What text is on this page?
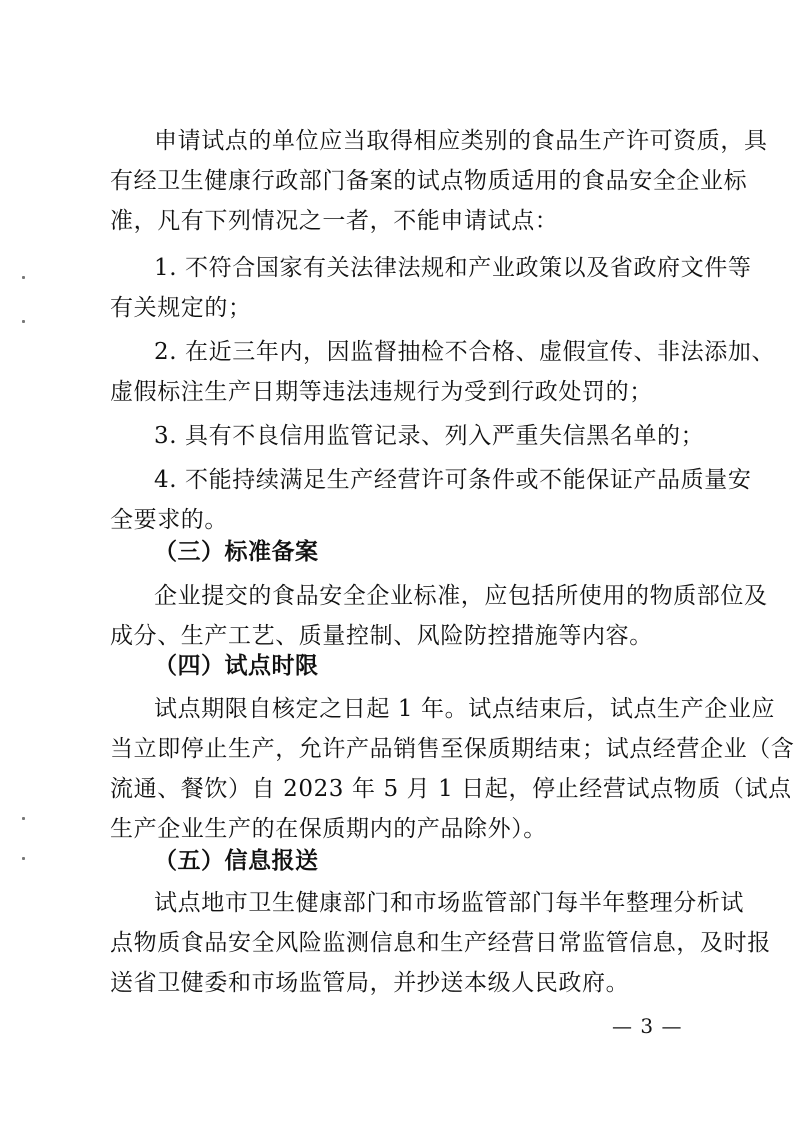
申请试点的单位应当取得相应类别的食品生产许可资质，具
有经卫生健康行政部门备案的试点物质适用的食品安全企业标
准，凡有下列情况之一者，不能申请试点：
1. 不符合国家有关法律法规和产业政策以及省政府文件等
有关规定的；
2. 在近三年内，因监督抽检不合格、虚假宣传、非法添加、
虚假标注生产日期等违法违规行为受到行政处罚的；
3. 具有不良信用监管记录、列入严重失信黑名单的；
4. 不能持续满足生产经营许可条件或不能保证产品质量安
全要求的。
（三）标准备案
企业提交的食品安全企业标准，应包括所使用的物质部位及
成分、生产工艺、质量控制、风险防控措施等内容。
（四）试点时限
试点期限自核定之日起 1 年。试点结束后，试点生产企业应
当立即停止生产，允许产品销售至保质期结束；试点经营企业（含
流通、餐饮）自 2023 年 5 月 1 日起，停止经营试点物质（试点
生产企业生产的在保质期内的产品除外）。
（五）信息报送
试点地市卫生健康部门和市场监管部门每半年整理分析试
点物质食品安全风险监测信息和生产经营日常监管信息，及时报
送省卫健委和市场监管局，并抄送本级人民政府。
— 3 —
